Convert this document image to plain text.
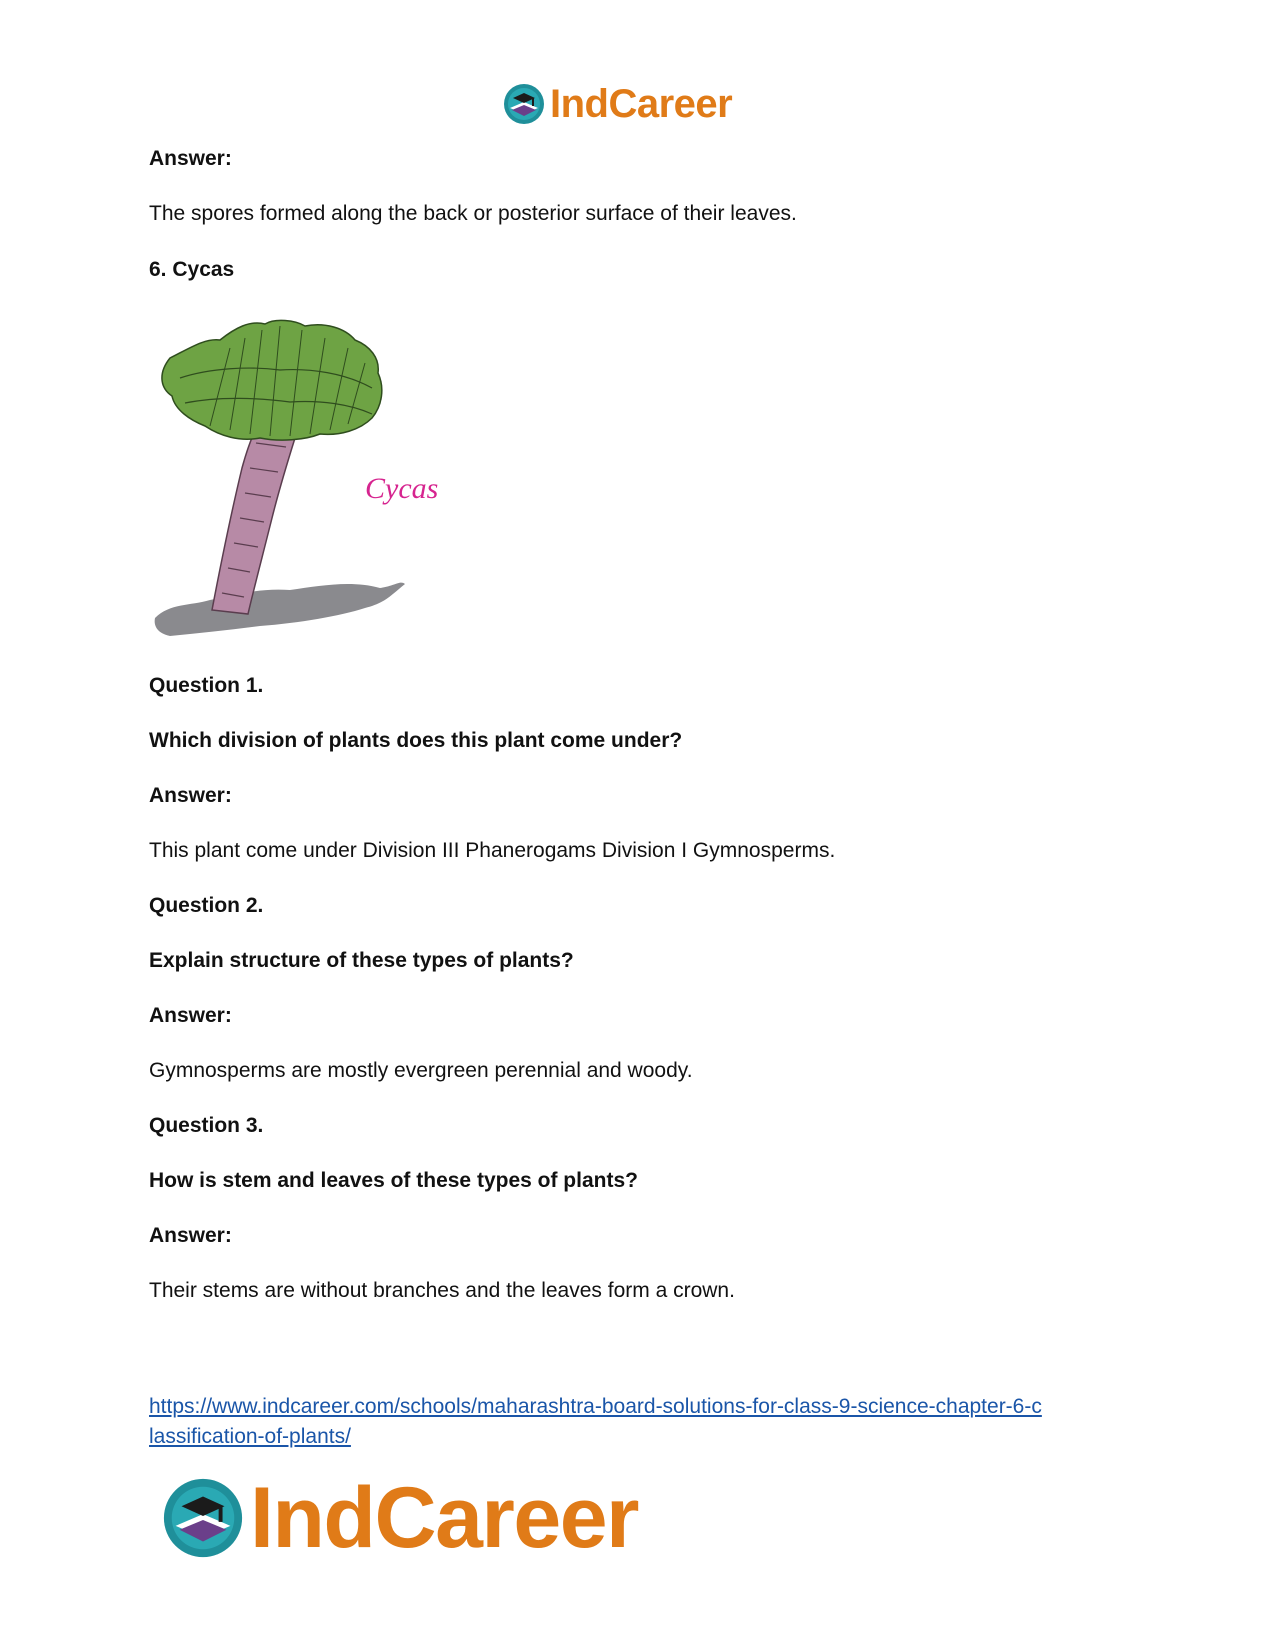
IndCareer
Answer:
The spores formed along the back or posterior surface of their leaves.
6. Cycas
Cycas
Question 1.
Which division of plants does this plant come under?
Answer:
This plant come under Division III Phanerogams Division I Gymnosperms.
Question 2.
Explain structure of these types of plants?
Answer:
Gymnosperms are mostly evergreen perennial and woody.
Question 3.
How is stem and leaves of these types of plants?
Answer:
Their stems are without branches and the leaves form a crown.
https://www.indcareer.com/schools/maharashtra-board-solutions-for-class-9-science-chapter-6-c
lassification-of-plants/
IndCareer
